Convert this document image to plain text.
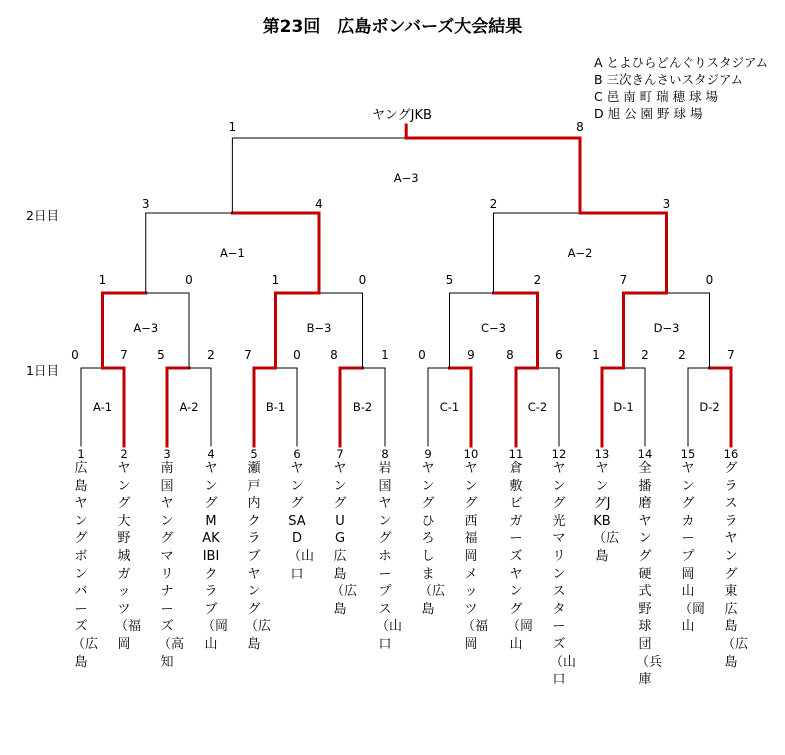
第23回　広島ボンバーズ大会結果
A とよひらどんぐりスタジアム
B 三次きんさいスタジアム
C 邑 南 町 瑞 穂 球 場
D 旭 公 園 野 球 場
ヤングJKB
2日目
1日目
A-1
0	7
A-2
5	2
B-1
7	0
B-2
8	1
C-1
0	9
C-2
8	6
D-1
1	2
D-2
2	7
A−3
1	0
B−3
1	0
C−3
5	2
D−3
7	0
A−1
3	4
A−2
2	3
A−3
1	8
1
広島ヤングボンバーズ（広島
2
ヤング大野城ガッツ（福岡
3
南国ヤングマリナーズ（高知
4
ヤングMAKIBIクラブ（岡山
5
瀬戸内クラブヤング（広島
6
ヤングSAD（山口
7
ヤングUG広島（広島
8
岩国ヤングホープス（山口
9
ヤングひろしま（広島
10
ヤング西福岡メッツ（福岡
11
倉敷ビガーズヤング（岡山
12
ヤング光マリンスターズ（山口
13
ヤングJKB（広島
14
全播磨ヤング硬式野球団（兵庫
15
ヤングカープ岡山（岡山
16
グラスラヤング東広島（広島
